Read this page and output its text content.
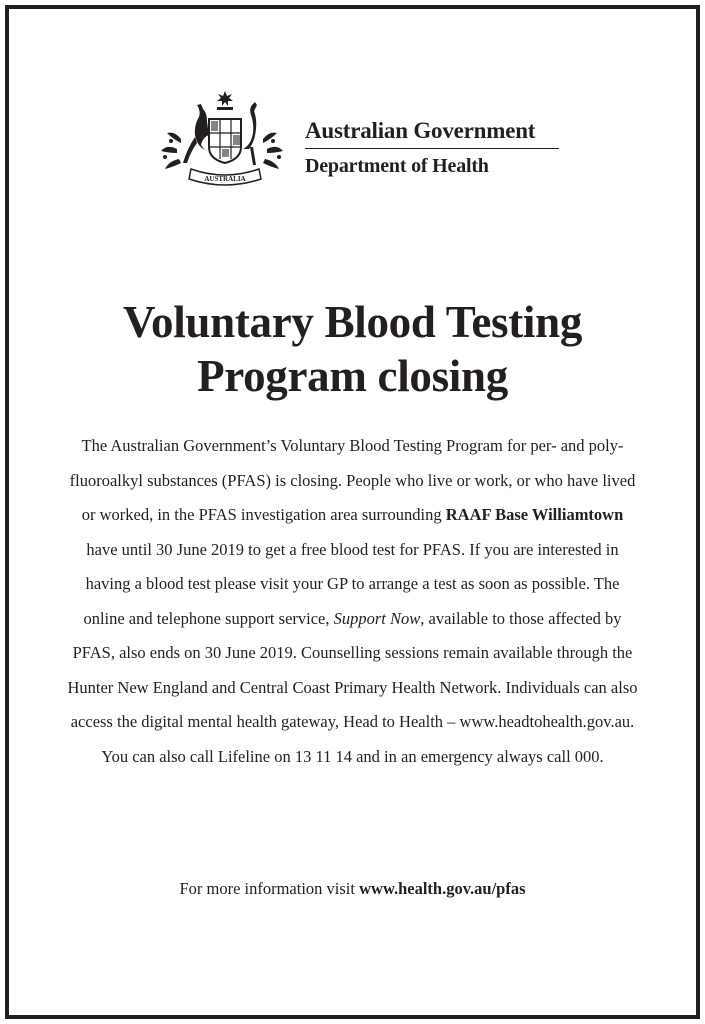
AUSTRALIA
Australian Government
Department of Health
Voluntary Blood Testing
Program closing

The Australian Government’s Voluntary Blood Testing Program for per- and poly-fluoroalkyl substances (PFAS) is closing. People who live or work, or who have lived or worked, in the PFAS investigation area surrounding RAAF Base Williamtown have until 30 June 2019 to get a free blood test for PFAS. If you are interested in having a blood test please visit your GP to arrange a test as soon as possible. The online and telephone support service, Support Now, available to those affected by PFAS, also ends on 30 June 2019. Counselling sessions remain available through the Hunter New England and Central Coast Primary Health Network. Individuals can also access the digital mental health gateway, Head to Health – www.headtohealth.gov.au. You can also call Lifeline on 13 11 14 and in an emergency always call 000.

For more information visit www.health.gov.au/pfas
